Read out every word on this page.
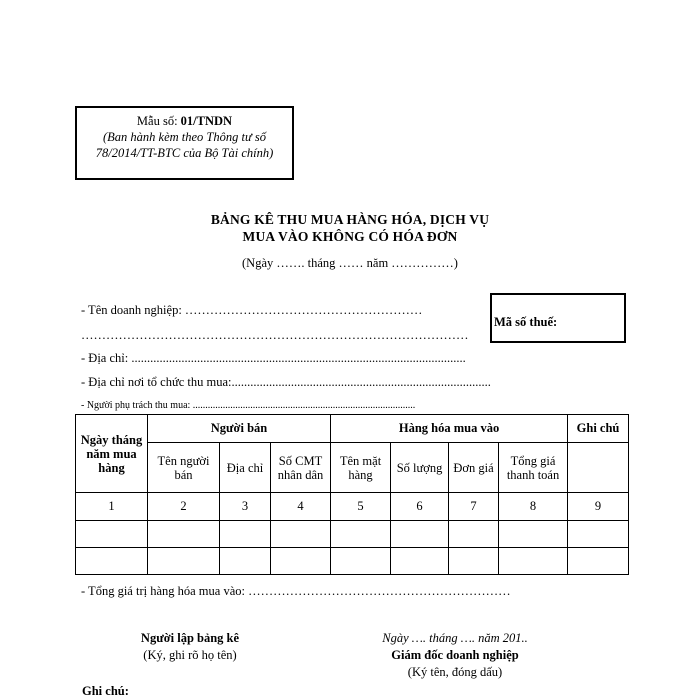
Mẫu số: 01/TNDN
(Ban hành kèm theo Thông tư số 78/2014/TT-BTC của Bộ Tài chính)
BẢNG KÊ THU MUA HÀNG HÓA, DỊCH VỤ
MUA VÀO KHÔNG CÓ HÓA ĐƠN
(Ngày ……. tháng …… năm ……………)
- Tên doanh nghiệp: …………………………………………………
…………………………………………………………………………………
- Địa chỉ: ...........................................................................................................
- Địa chỉ nơi tổ chức thu mua:...................................................................................
- Người phụ trách thu mua: .........................................................................................
Mã số thuế:
Ngày tháng năm mua hàng	Người bán			Hàng hóa mua vào				Ghi chú
	Tên người bán	Địa chỉ	Số CMT nhân dân	Tên mặt hàng	Số lượng	Đơn giá	Tổng giá thanh toán	
1	2	3	4	5	6	7	8	9

- Tổng giá trị hàng hóa mua vào: ………………………………………………………
Người lập bảng kê
(Ký, ghi rõ họ tên)
Ngày …. tháng …. năm 201..
Giám đốc doanh nghiệp
(Ký tên, đóng dấu)
Ghi chú:
